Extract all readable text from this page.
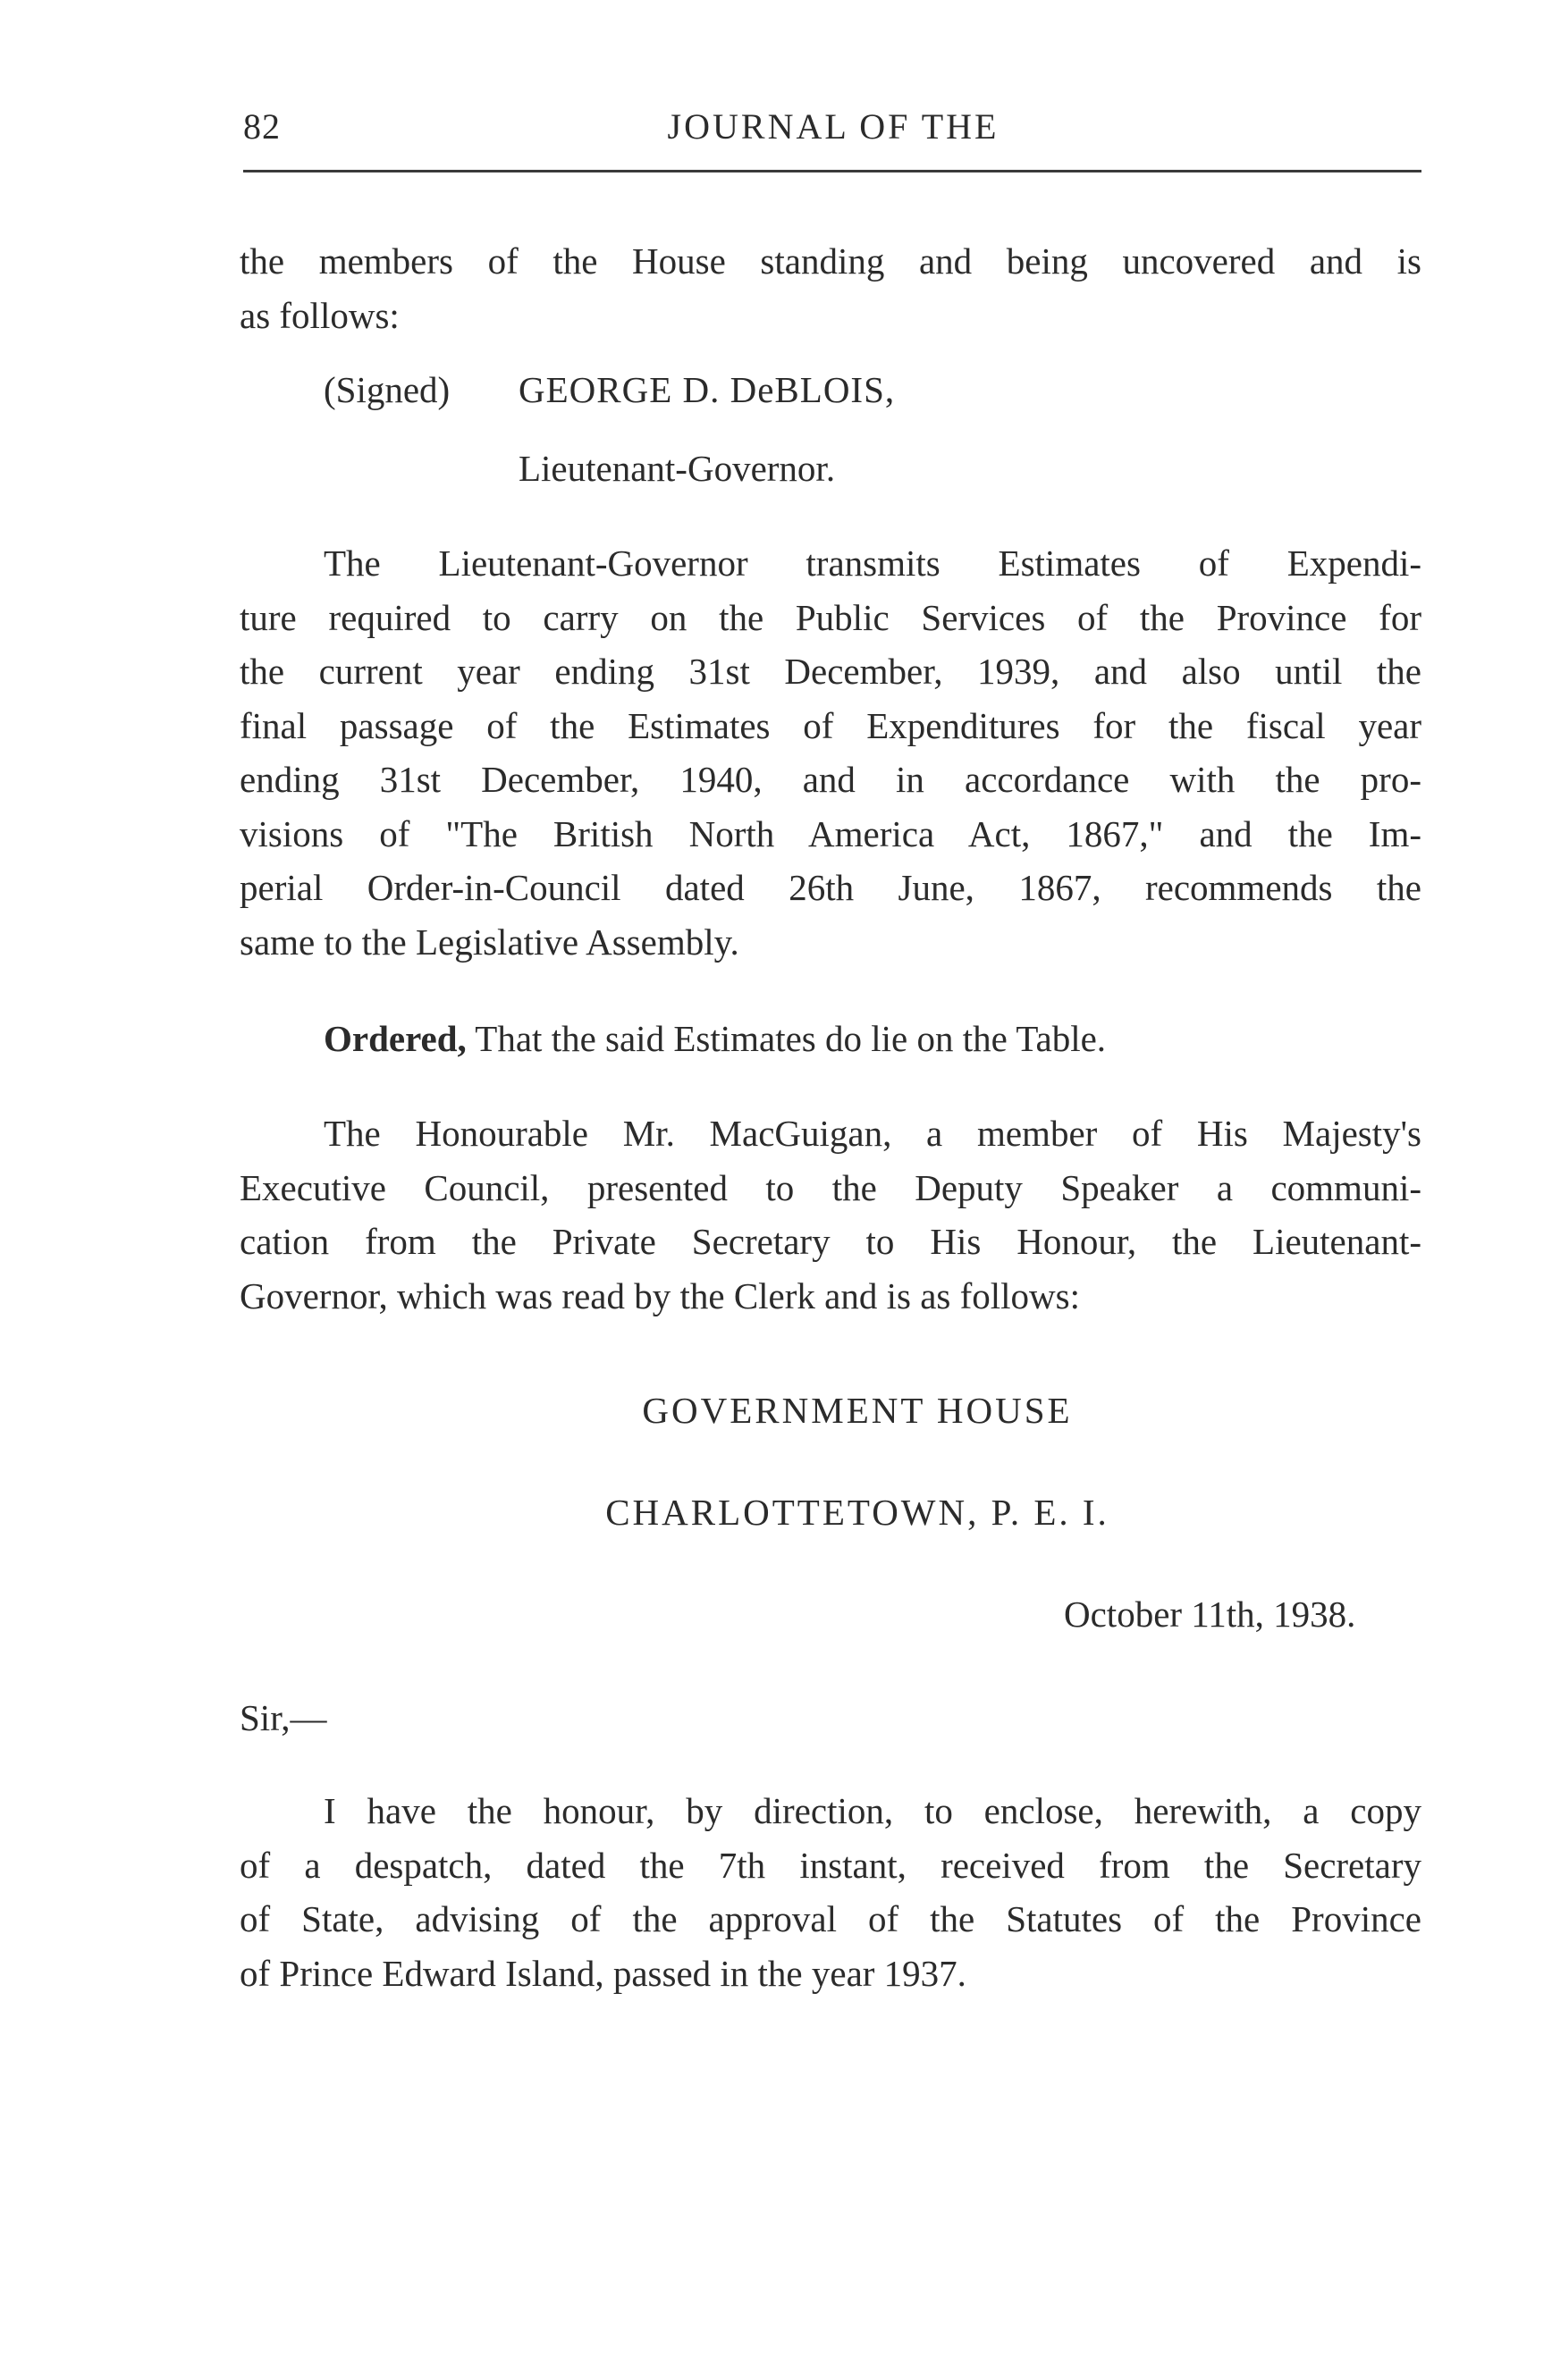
82	JOURNAL OF THE
the members of the House standing and being uncovered and is
as follows:
(Signed) GEORGE D. DeBLOIS,
Lieutenant-Governor.
The Lieutenant-Governor transmits Estimates of Expendi-
ture required to carry on the Public Services of the Province for
the current year ending 31st December, 1939, and also until the
final passage of the Estimates of Expenditures for the fiscal year
ending 31st December, 1940, and in accordance with the pro-
visions of "The British North America Act, 1867," and the Im-
perial Order-in-Council dated 26th June, 1867, recommends the
same to the Legislative Assembly.
Ordered, That the said Estimates do lie on the Table.
The Honourable Mr. MacGuigan, a member of His Majesty's
Executive Council, presented to the Deputy Speaker a communi-
cation from the Private Secretary to His Honour, the Lieutenant-
Governor, which was read by the Clerk and is as follows:
GOVERNMENT HOUSE
CHARLOTTETOWN, P. E. I.
October 11th, 1938.
Sir,—
I have the honour, by direction, to enclose, herewith, a copy
of a despatch, dated the 7th instant, received from the Secretary
of State, advising of the approval of the Statutes of the Province
of Prince Edward Island, passed in the year 1937.
